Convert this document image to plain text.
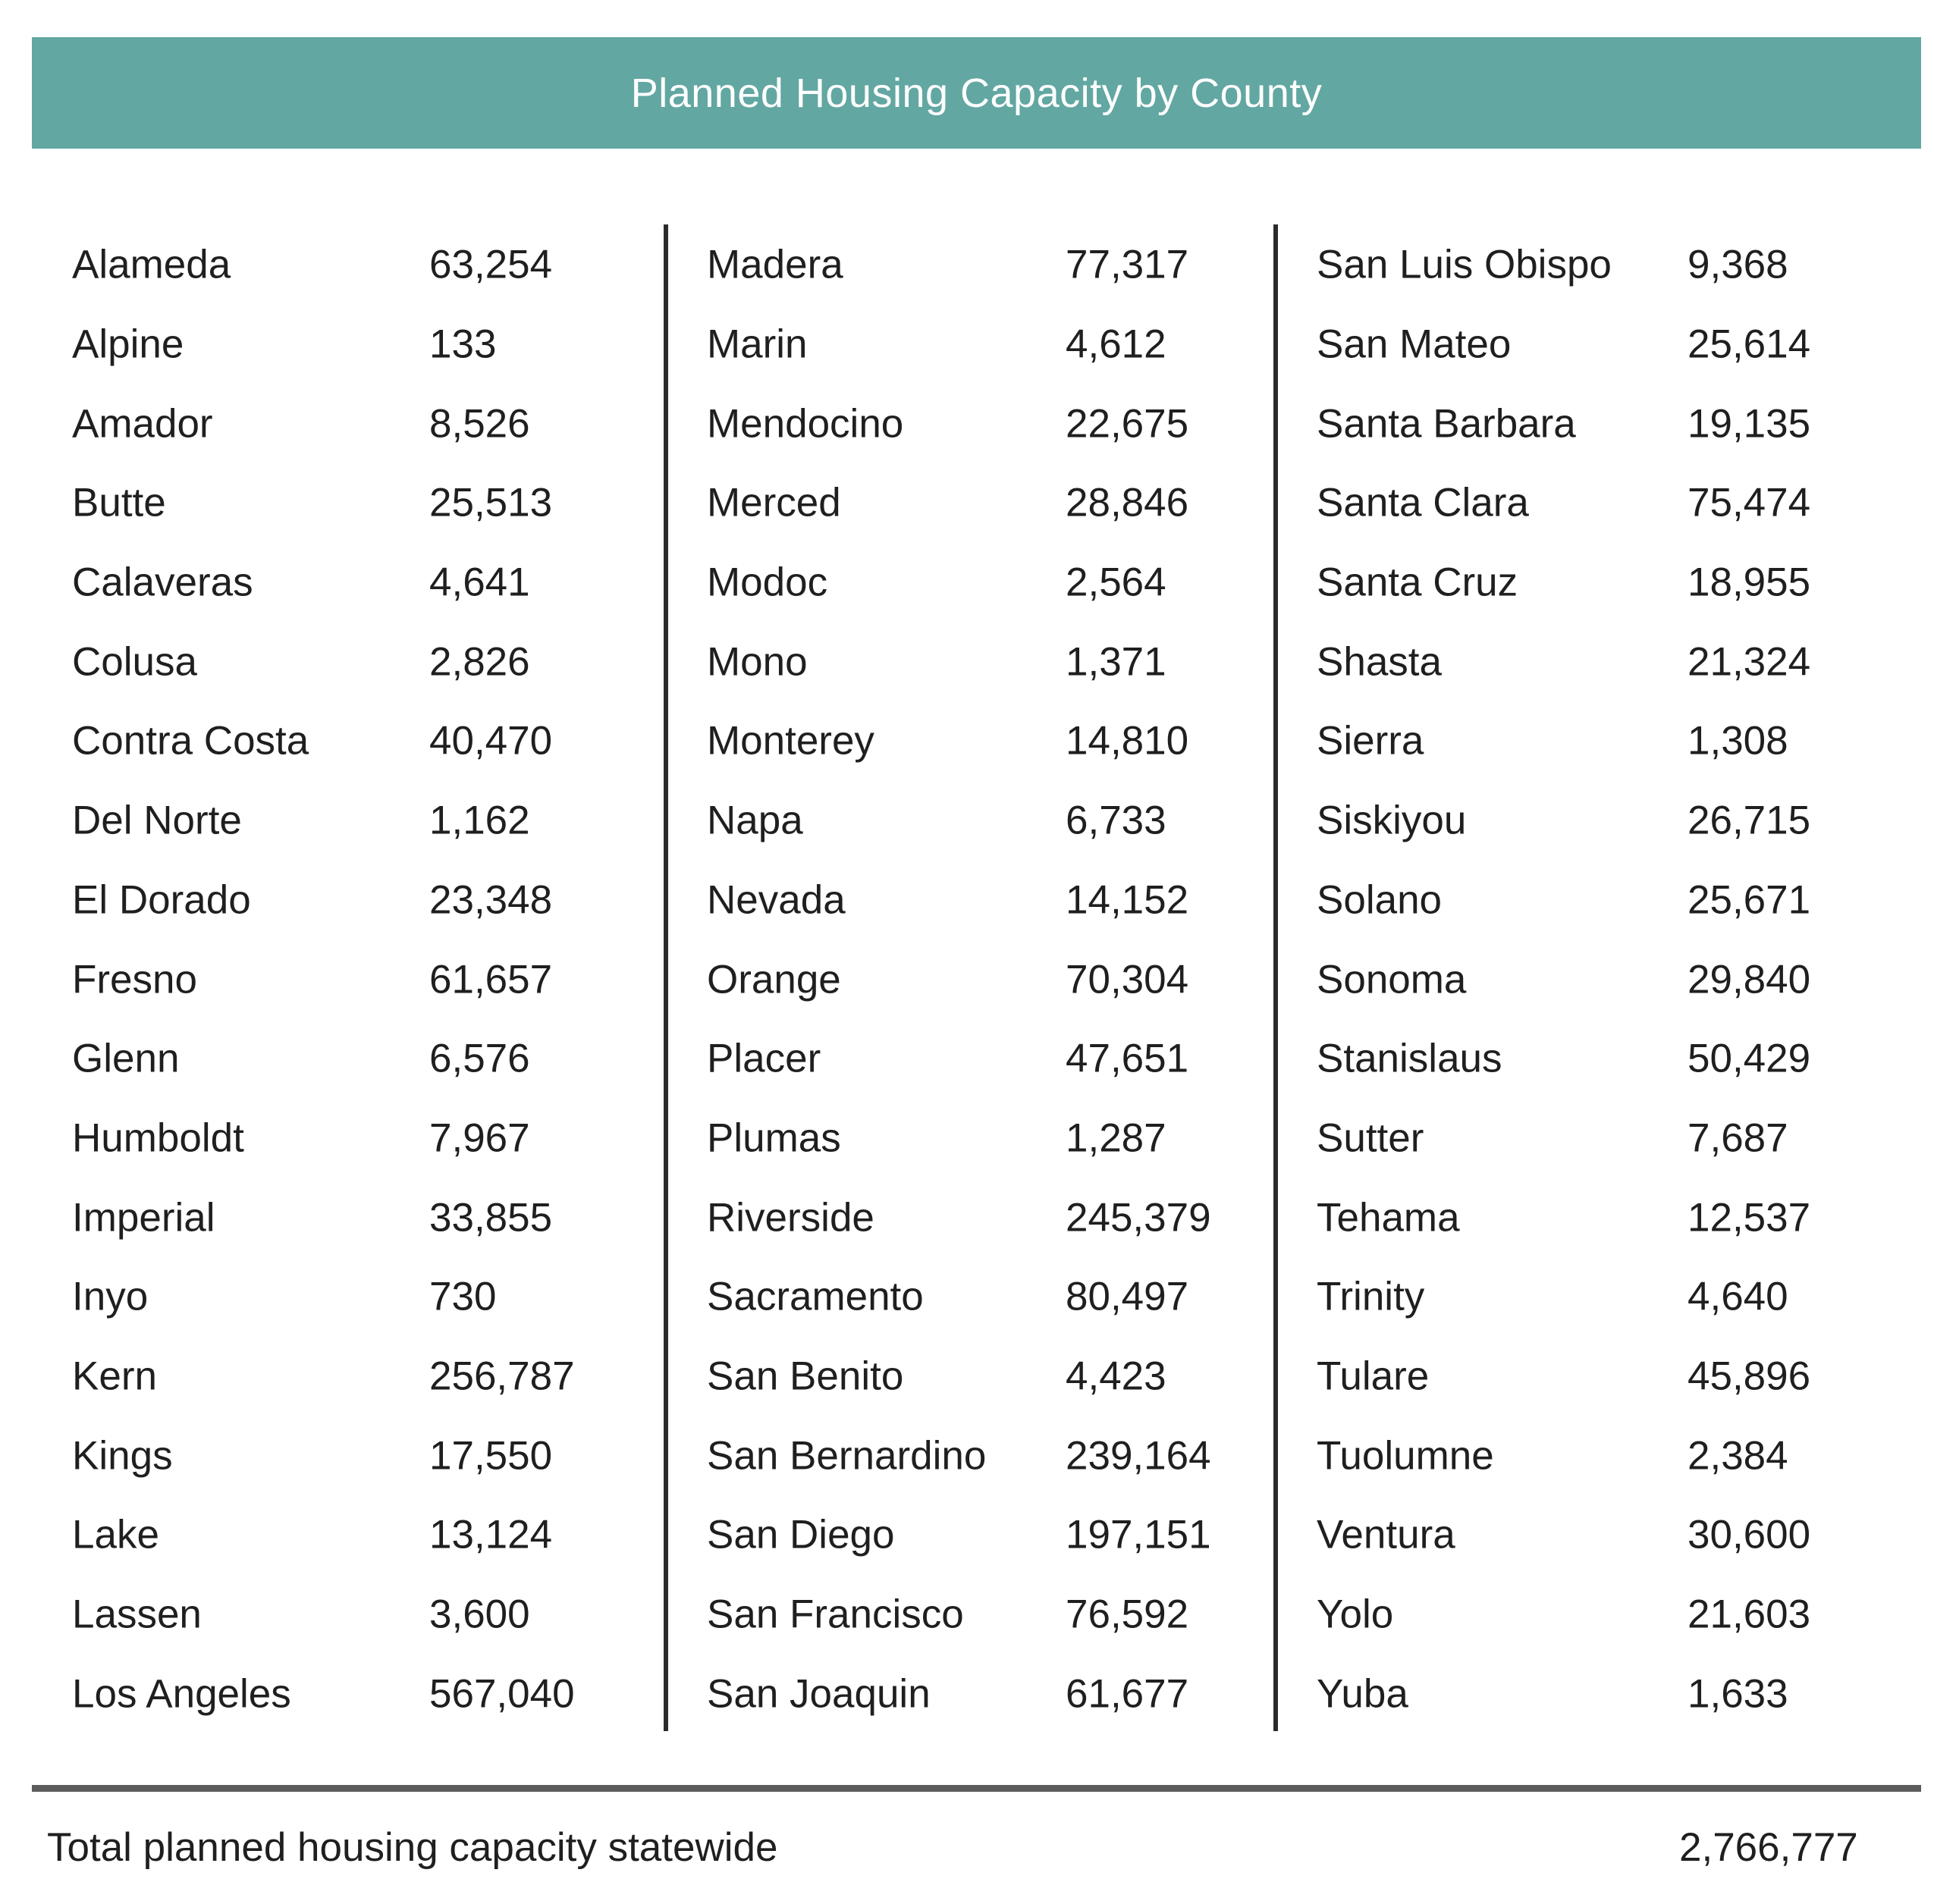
Planned Housing Capacity by County
Alameda	63,254
Alpine	133
Amador	8,526
Butte	25,513
Calaveras	4,641
Colusa	2,826
Contra Costa	40,470
Del Norte	1,162
El Dorado	23,348
Fresno	61,657
Glenn	6,576
Humboldt	7,967
Imperial	33,855
Inyo	730
Kern	256,787
Kings	17,550
Lake	13,124
Lassen	3,600
Los Angeles	567,040
Madera	77,317
Marin	4,612
Mendocino	22,675
Merced	28,846
Modoc	2,564
Mono	1,371
Monterey	14,810
Napa	6,733
Nevada	14,152
Orange	70,304
Placer	47,651
Plumas	1,287
Riverside	245,379
Sacramento	80,497
San Benito	4,423
San Bernardino 239,164
San Diego	197,151
San Francisco	76,592
San Joaquin	61,677
San Luis Obispo 9,368
San Mateo	25,614
Santa Barbara	19,135
Santa Clara	75,474
Santa Cruz	18,955
Shasta	21,324
Sierra	1,308
Siskiyou	26,715
Solano	25,671
Sonoma	29,840
Stanislaus	50,429
Sutter	7,687
Tehama	12,537
Trinity	4,640
Tulare	45,896
Tuolumne	2,384
Ventura	30,600
Yolo	21,603
Yuba	1,633
Total planned housing capacity statewide	2,766,777
